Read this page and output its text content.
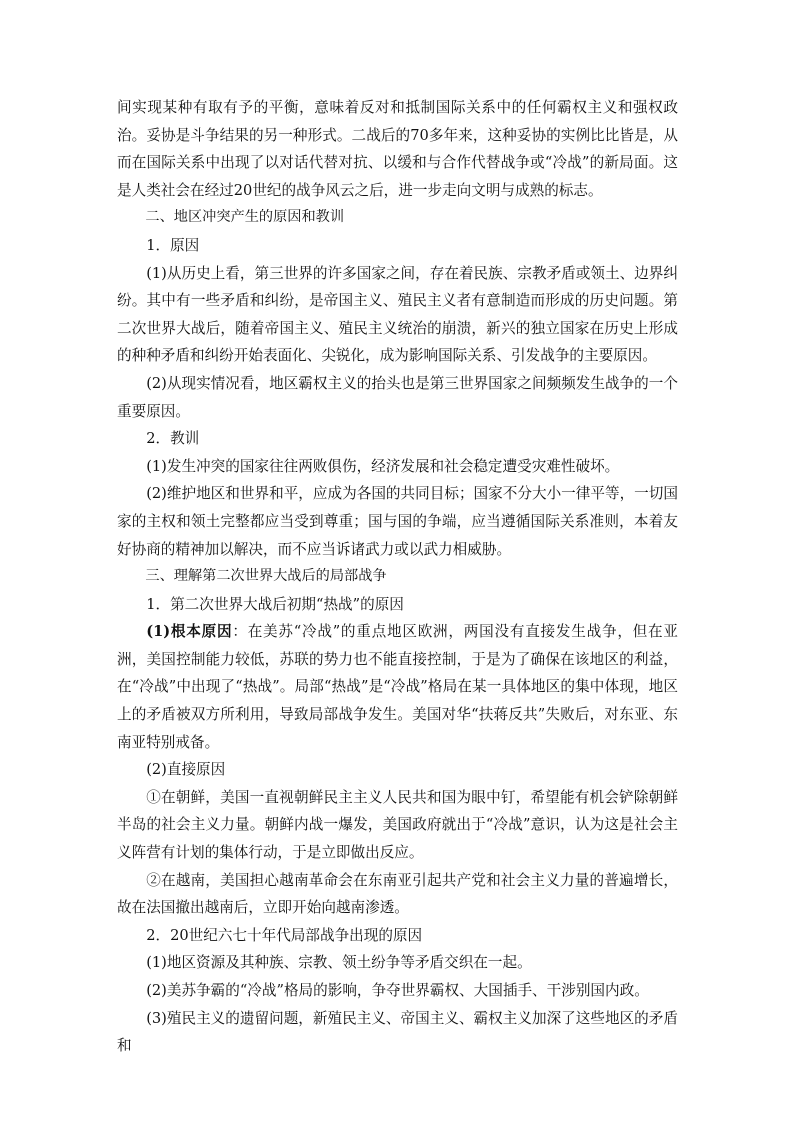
间实现某种有取有予的平衡，意味着反对和抵制国际关系中的任何霸权主义和强权政治。妥协是斗争结果的另一种形式。二战后的70多年来，这种妥协的实例比比皆是，从而在国际关系中出现了以对话代替对抗、以缓和与合作代替战争或“冷战”的新局面。这是人类社会在经过20世纪的战争风云之后，进一步走向文明与成熟的标志。

二、地区冲突产生的原因和教训

1．原因

(1)从历史上看，第三世界的许多国家之间，存在着民族、宗教矛盾或领土、边界纠纷。其中有一些矛盾和纠纷，是帝国主义、殖民主义者有意制造而形成的历史问题。第二次世界大战后，随着帝国主义、殖民主义统治的崩溃，新兴的独立国家在历史上形成的种种矛盾和纠纷开始表面化、尖锐化，成为影响国际关系、引发战争的主要原因。

(2)从现实情况看，地区霸权主义的抬头也是第三世界国家之间频频发生战争的一个重要原因。

2．教训

(1)发生冲突的国家往往两败俱伤，经济发展和社会稳定遭受灾难性破坏。

(2)维护地区和世界和平，应成为各国的共同目标；国家不分大小一律平等，一切国家的主权和领土完整都应当受到尊重；国与国的争端，应当遵循国际关系准则，本着友好协商的精神加以解决，而不应当诉诸武力或以武力相威胁。

三、理解第二次世界大战后的局部战争

1．第二次世界大战后初期“热战”的原因

(1)根本原因：在美苏“冷战”的重点地区欧洲，两国没有直接发生战争，但在亚洲，美国控制能力较低，苏联的势力也不能直接控制，于是为了确保在该地区的利益，在“冷战”中出现了“热战”。局部“热战”是“冷战”格局在某一具体地区的集中体现，地区上的矛盾被双方所利用，导致局部战争发生。美国对华“扶蒋反共”失败后，对东亚、东南亚特别戒备。

(2)直接原因

①在朝鲜，美国一直视朝鲜民主主义人民共和国为眼中钉，希望能有机会铲除朝鲜半岛的社会主义力量。朝鲜内战一爆发，美国政府就出于“冷战”意识，认为这是社会主义阵营有计划的集体行动，于是立即做出反应。

②在越南，美国担心越南革命会在东南亚引起共产党和社会主义力量的普遍增长，故在法国撤出越南后，立即开始向越南渗透。

2．20世纪六七十年代局部战争出现的原因

(1)地区资源及其种族、宗教、领土纷争等矛盾交织在一起。

(2)美苏争霸的“冷战”格局的影响，争夺世界霸权、大国插手、干涉别国内政。

(3)殖民主义的遗留问题，新殖民主义、帝国主义、霸权主义加深了这些地区的矛盾和
